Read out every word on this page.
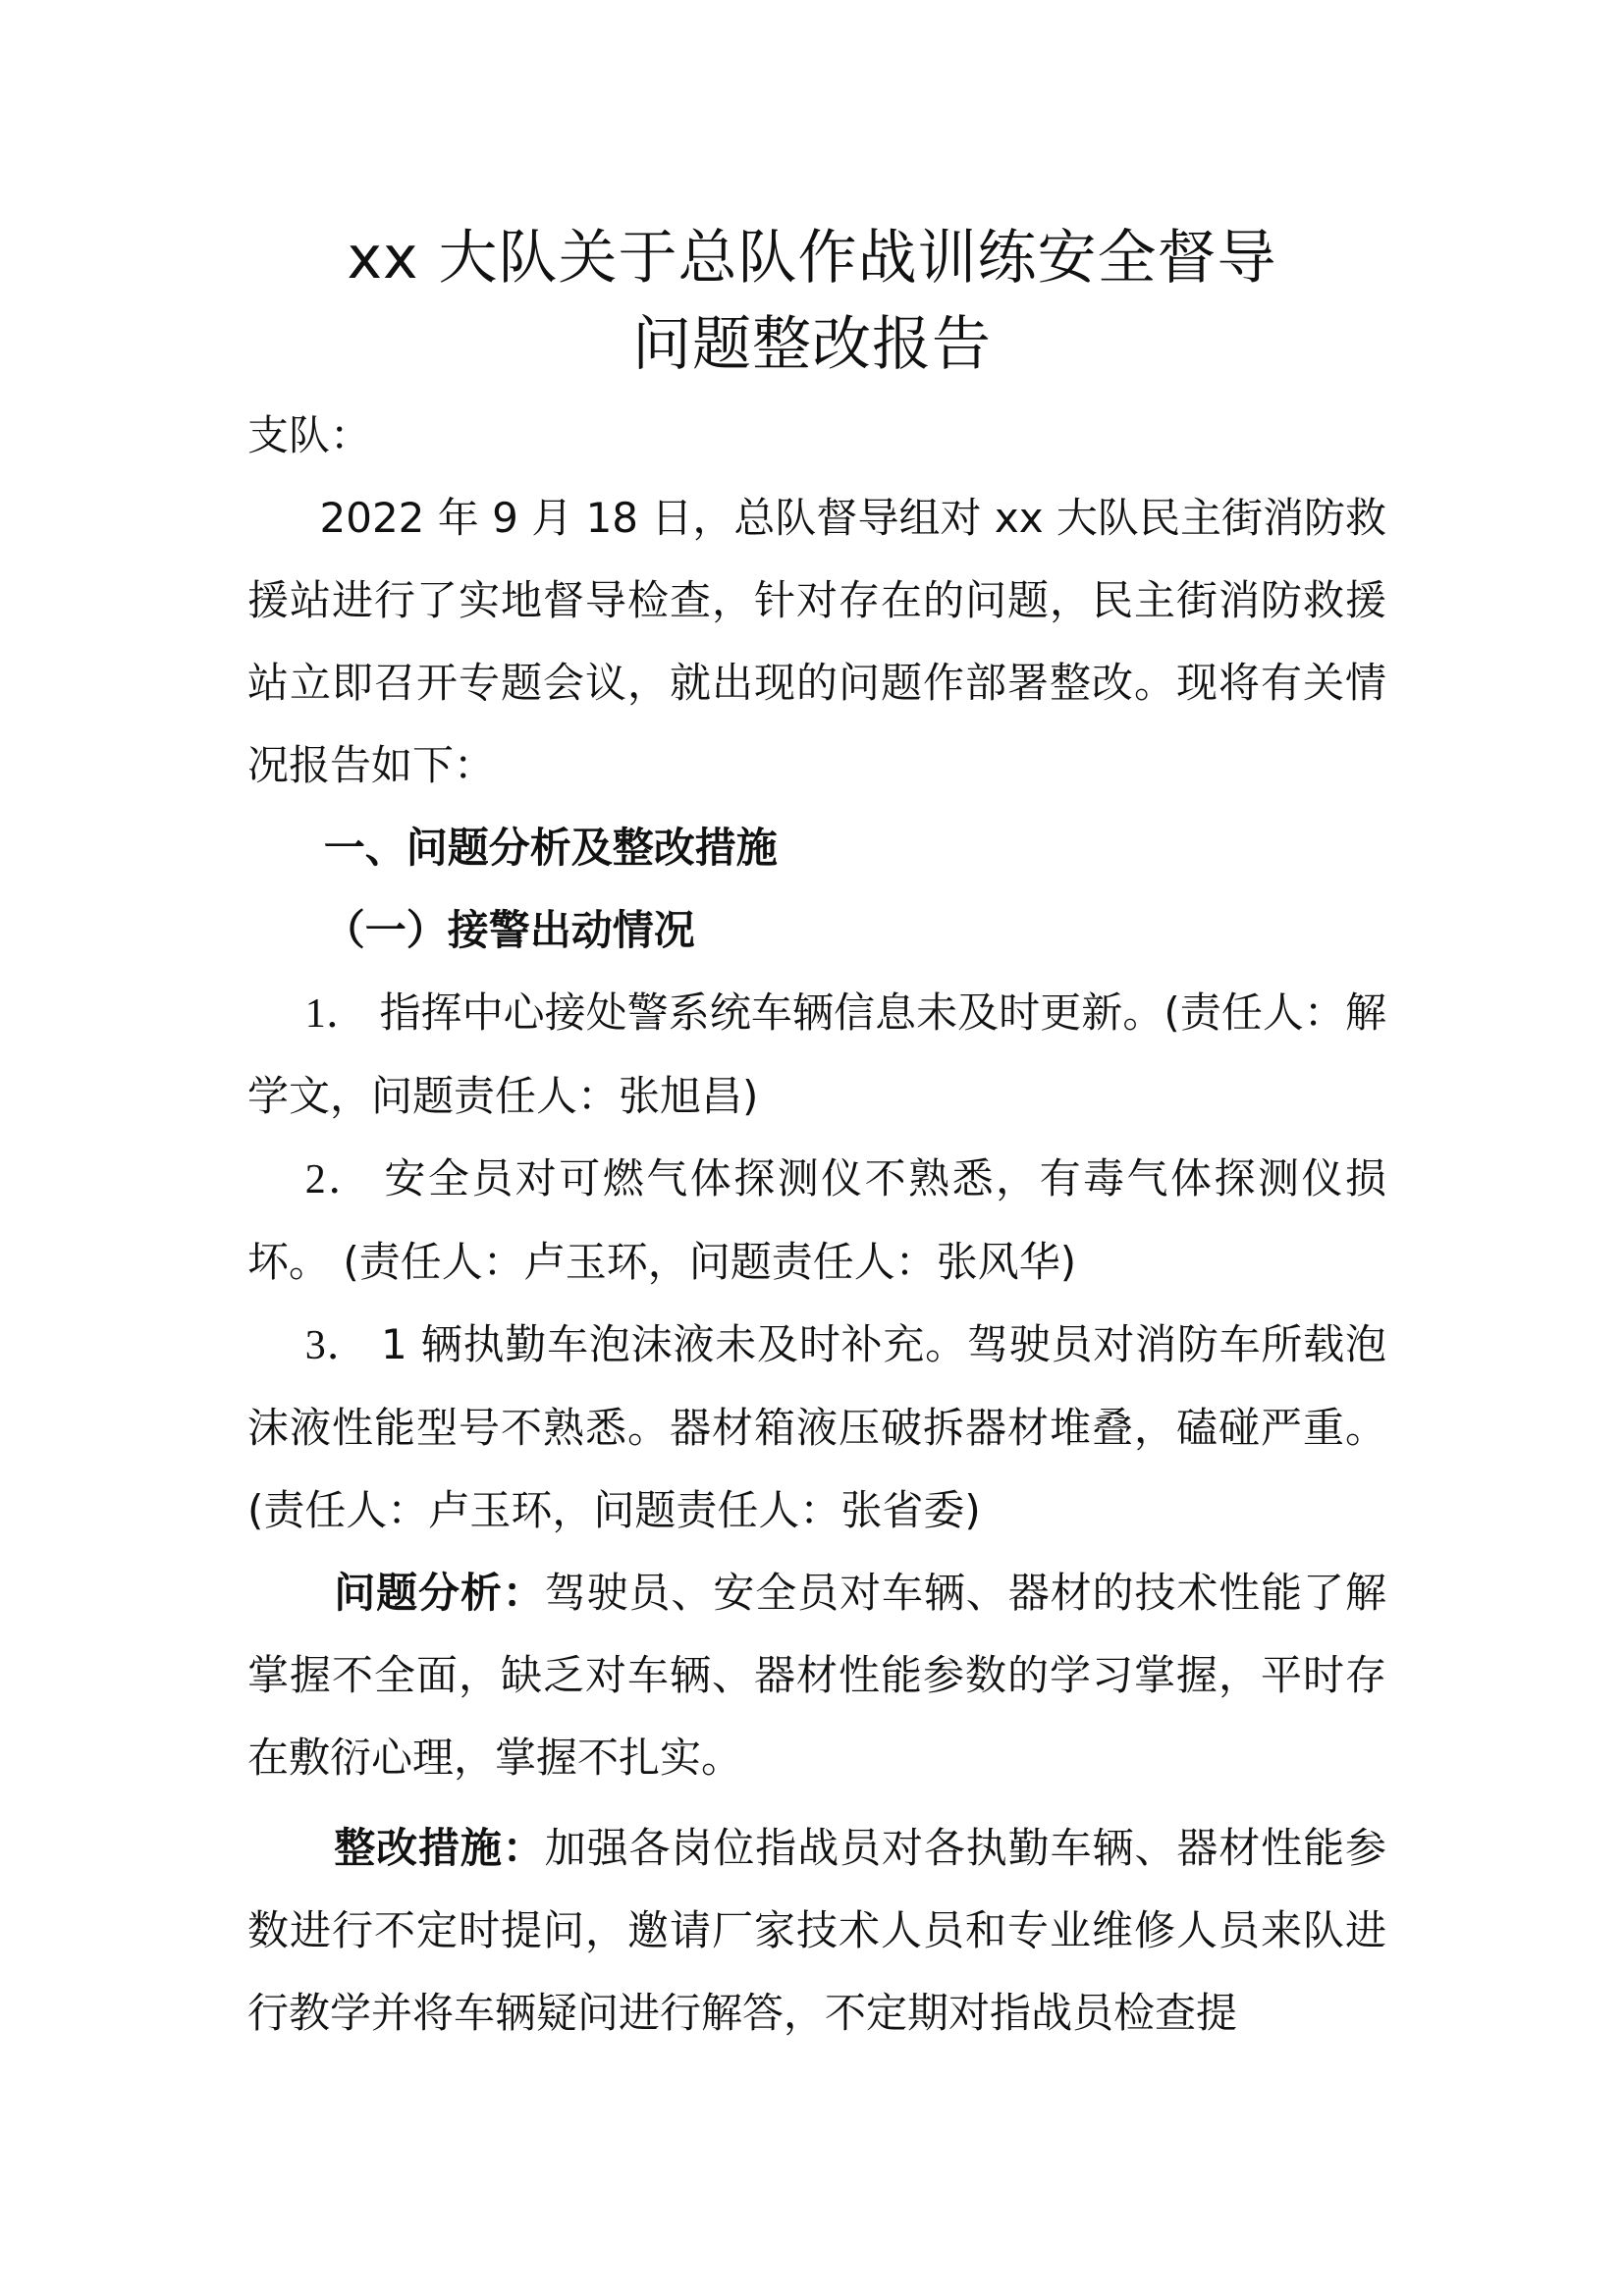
xx 大队关于总队作战训练安全督导
问题整改报告
支队：

2022 年 9 月 18 日，总队督导组对 xx 大队民主街消防救援站进行了实地督导检查，针对存在的问题，民主街消防救援站立即召开专题会议，就出现的问题作部署整改。现将有关情况报告如下：

一、问题分析及整改措施

（一）接警出动情况

1． 指挥中心接处警系统车辆信息未及时更新。(责任人：解学文，问题责任人：张旭昌)

2． 安全员对可燃气体探测仪不熟悉，有毒气体探测仪损坏。 (责任人：卢玉环，问题责任人：张风华)

3． 1 辆执勤车泡沫液未及时补充。驾驶员对消防车所载泡沫液性能型号不熟悉。器材箱液压破拆器材堆叠，磕碰严重。 (责任人：卢玉环，问题责任人：张省委)

问题分析：驾驶员、安全员对车辆、器材的技术性能了解掌握不全面，缺乏对车辆、器材性能参数的学习掌握，平时存在敷衍心理，掌握不扎实。

整改措施：加强各岗位指战员对各执勤车辆、器材性能参数进行不定时提问，邀请厂家技术人员和专业维修人员来队进行教学并将车辆疑问进行解答，不定期对指战员检查提
